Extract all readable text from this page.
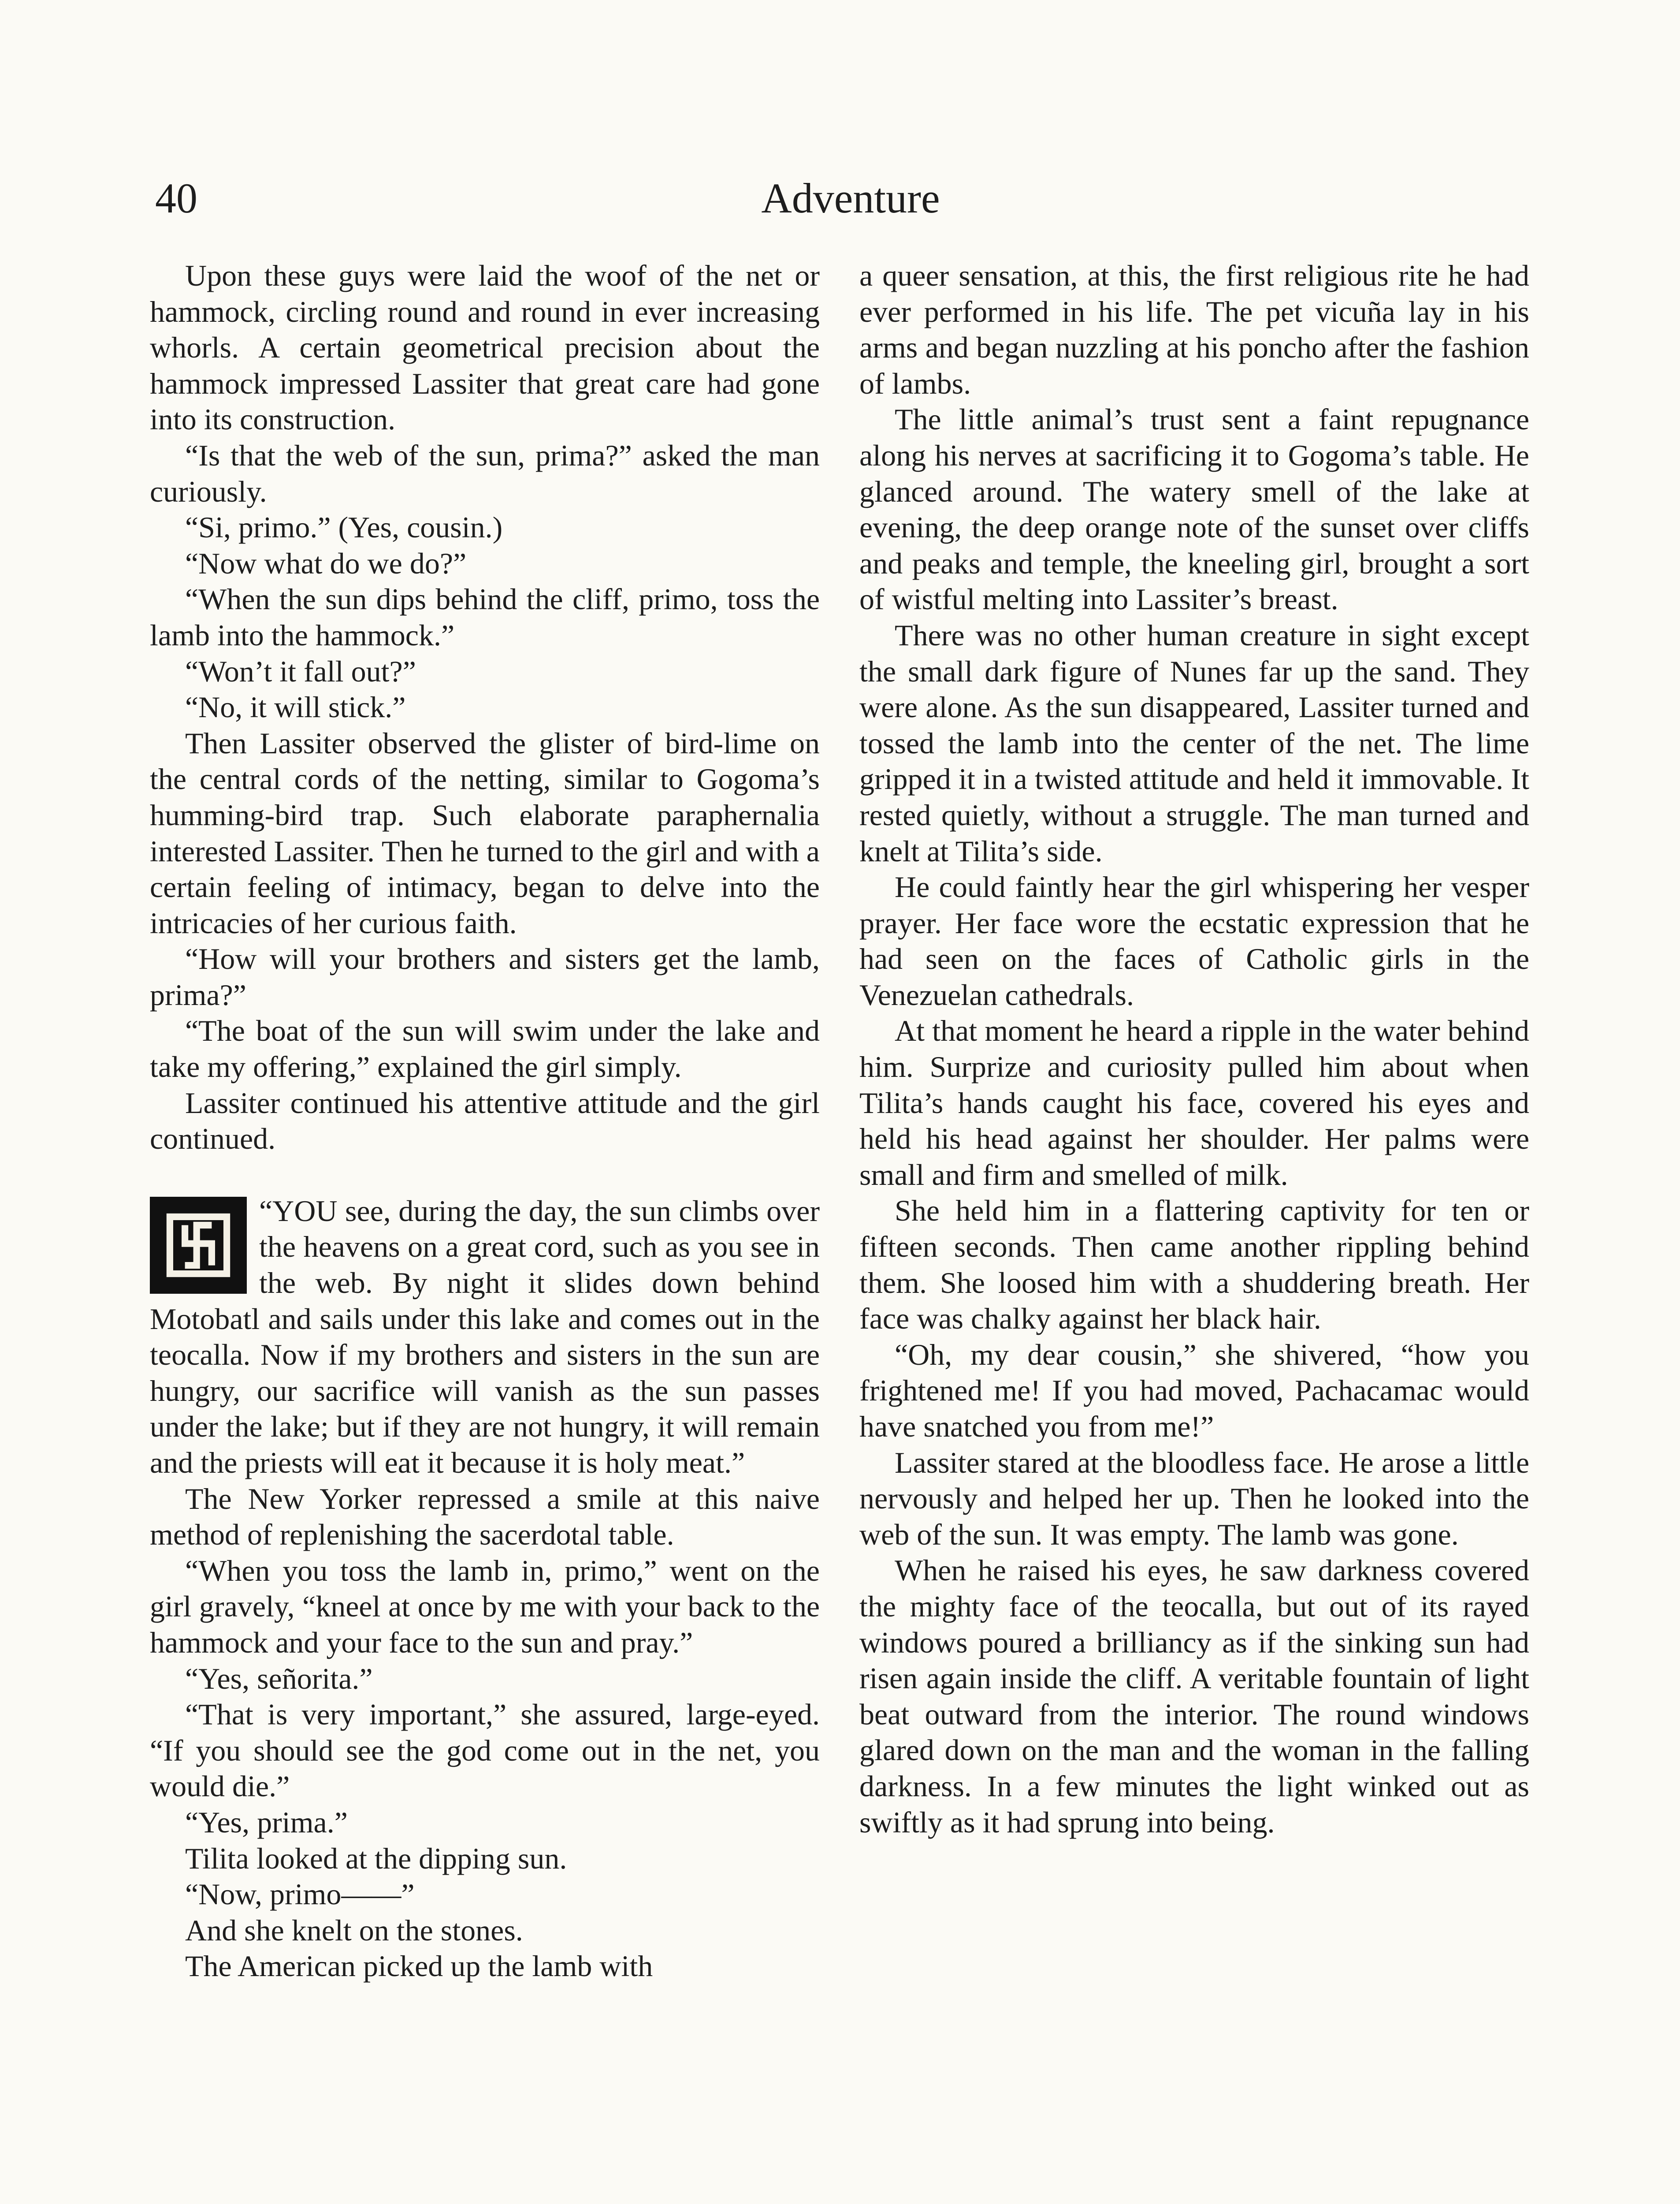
40	Adventure

Upon these guys were laid the woof of the net or hammock, circling round and round in ever increasing whorls. A certain geometrical precision about the hammock impressed Lassiter that great care had gone into its construction.

“Is that the web of the sun, prima?” asked the man curiously.

“Si, primo.” (Yes, cousin.)

“Now what do we do?”

“When the sun dips behind the cliff, primo, toss the lamb into the hammock.”

“Won’t it fall out?”

“No, it will stick.”

Then Lassiter observed the glister of bird-lime on the central cords of the netting, similar to Gogoma’s humming-bird trap. Such elaborate paraphernalia interested Lassiter. Then he turned to the girl and with a certain feeling of intimacy, began to delve into the intricacies of her curious faith.

“How will your brothers and sisters get the lamb, prima?”

“The boat of the sun will swim under the lake and take my offering,” explained the girl simply.

Lassiter continued his attentive attitude and the girl continued.

“YOU see, during the day, the sun climbs over the heavens on a great cord, such as you see in the web. By night it slides down behind Motobatl and sails under this lake and comes out in the teocalla. Now if my brothers and sisters in the sun are hungry, our sacrifice will vanish as the sun passes under the lake; but if they are not hungry, it will remain and the priests will eat it because it is holy meat.”

The New Yorker repressed a smile at this naive method of replenishing the sacerdotal table.

“When you toss the lamb in, primo,” went on the girl gravely, “kneel at once by me with your back to the hammock and your face to the sun and pray.”

“Yes, señorita.”

“That is very important,” she assured, large-eyed. “If you should see the god come out in the net, you would die.”

“Yes, prima.”

Tilita looked at the dipping sun.

“Now, primo——”

And she knelt on the stones.

The American picked up the lamb with

a queer sensation, at this, the first religious rite he had ever performed in his life. The pet vicuña lay in his arms and began nuzzling at his poncho after the fashion of lambs.

The little animal’s trust sent a faint repugnance along his nerves at sacrificing it to Gogoma’s table. He glanced around. The watery smell of the lake at evening, the deep orange note of the sunset over cliffs and peaks and temple, the kneeling girl, brought a sort of wistful melting into Lassiter’s breast.

There was no other human creature in sight except the small dark figure of Nunes far up the sand. They were alone. As the sun disappeared, Lassiter turned and tossed the lamb into the center of the net. The lime gripped it in a twisted attitude and held it immovable. It rested quietly, without a struggle. The man turned and knelt at Tilita’s side.

He could faintly hear the girl whispering her vesper prayer. Her face wore the ecstatic expression that he had seen on the faces of Catholic girls in the Venezuelan cathedrals.

At that moment he heard a ripple in the water behind him. Surprize and curiosity pulled him about when Tilita’s hands caught his face, covered his eyes and held his head against her shoulder. Her palms were small and firm and smelled of milk.

She held him in a flattering captivity for ten or fifteen seconds. Then came another rippling behind them. She loosed him with a shuddering breath. Her face was chalky against her black hair.

“Oh, my dear cousin,” she shivered, “how you frightened me! If you had moved, Pachacamac would have snatched you from me!”

Lassiter stared at the bloodless face. He arose a little nervously and helped her up. Then he looked into the web of the sun. It was empty. The lamb was gone.

When he raised his eyes, he saw darkness covered the mighty face of the teocalla, but out of its rayed windows poured a brilliancy as if the sinking sun had risen again inside the cliff. A veritable fountain of light beat outward from the interior. The round windows glared down on the man and the woman in the falling darkness. In a few minutes the light winked out as swiftly as it had sprung into being.
